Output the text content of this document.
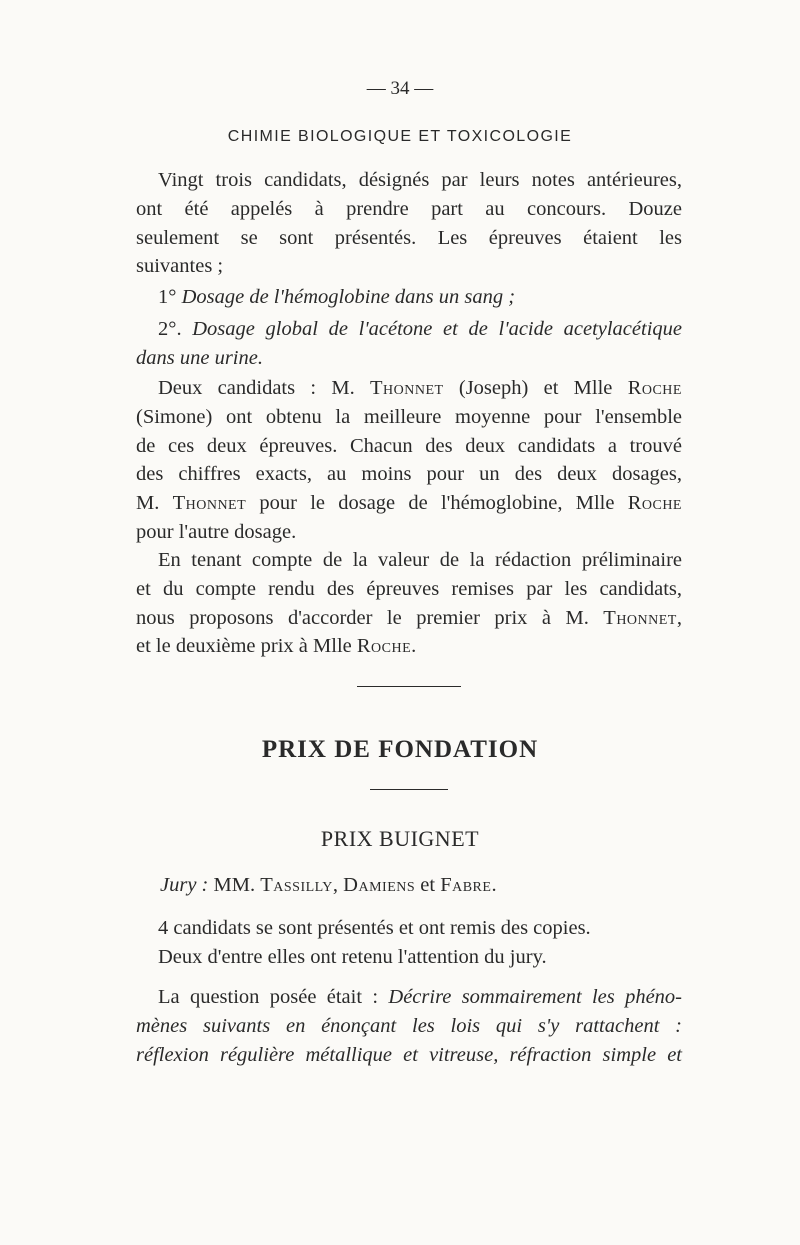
— 34 —
CHIMIE BIOLOGIQUE ET TOXICOLOGIE
Vingt trois candidats, désignés par leurs notes antérieures,
ont été appelés à prendre part au concours. Douze
seulement se sont présentés. Les épreuves étaient les
suivantes ;
1° Dosage de l'hémoglobine dans un sang ;
2°. Dosage global de l'acétone et de l'acide acetylacétique
dans une urine.
Deux candidats : M. Thonnet (Joseph) et Mlle Roche
(Simone) ont obtenu la meilleure moyenne pour l'ensemble
de ces deux épreuves. Chacun des deux candidats a trouvé
des chiffres exacts, au moins pour un des deux dosages,
M. Thonnet pour le dosage de l'hémoglobine, Mlle Roche
pour l'autre dosage.
En tenant compte de la valeur de la rédaction préliminaire
et du compte rendu des épreuves remises par les candidats,
nous proposons d'accorder le premier prix à M. Thonnet,
et le deuxième prix à Mlle Roche.
PRIX DE FONDATION
PRIX BUIGNET
Jury : MM. Tassilly, Damiens et Fabre.
4 candidats se sont présentés et ont remis des copies.
Deux d'entre elles ont retenu l'attention du jury.
La question posée était : Décrire sommairement les phéno-
mènes suivants en énonçant les lois qui s'y rattachent :
réflexion régulière métallique et vitreuse, réfraction simple et
